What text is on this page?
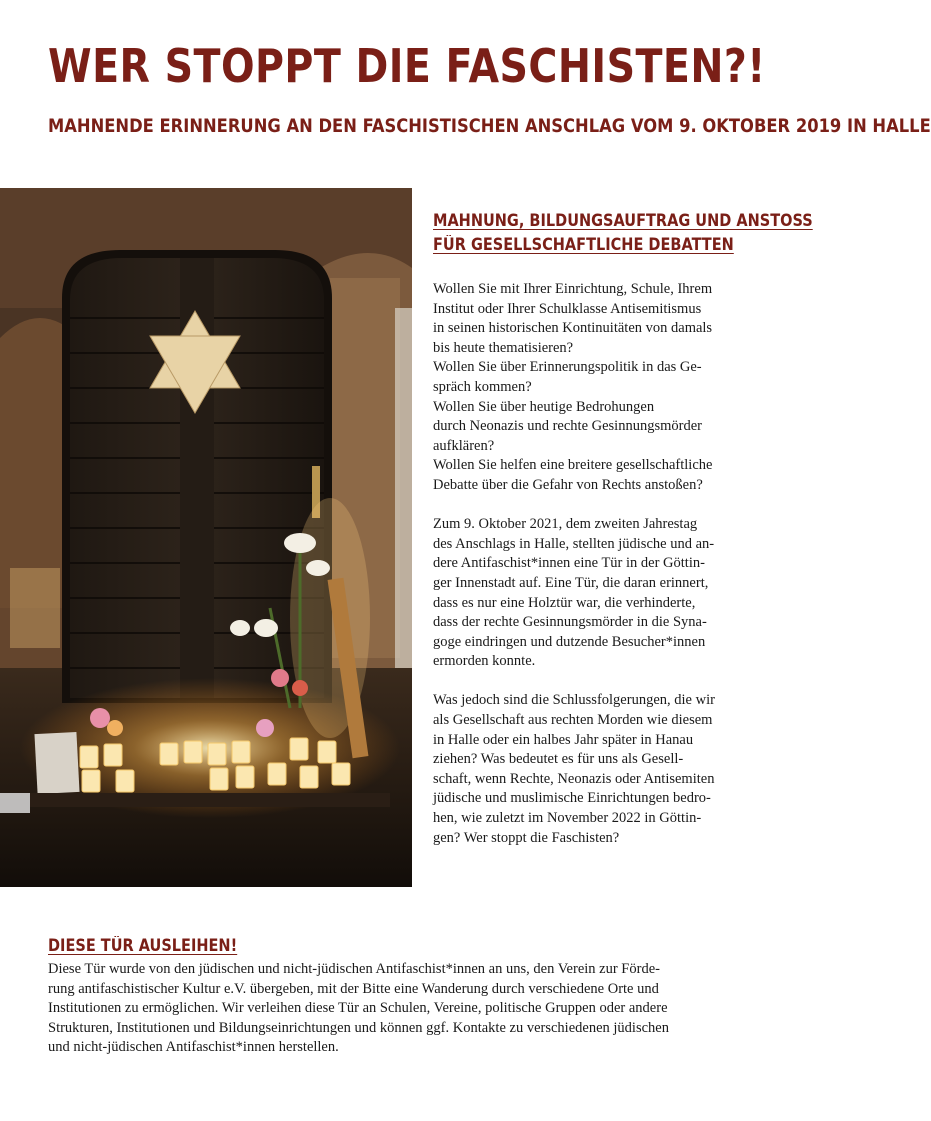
WER STOPPT DIE FASCHISTEN?!
MAHNENDE ERINNERUNG AN DEN FASCHISTISCHEN ANSCHLAG VOM 9. OKTOBER 2019 IN HALLE
MAHNUNG, BILDUNGSAUFTRAG UND ANSTOSS
FÜR GESELLSCHAFTLICHE DEBATTEN

Wollen Sie mit Ihrer Einrichtung, Schule, Ihrem
Institut oder Ihrer Schulklasse Antisemitismus
in seinen historischen Kontinuitäten von damals
bis heute thematisieren?
Wollen Sie über Erinnerungspolitik in das Ge-
spräch kommen?
Wollen Sie über heutige Bedrohungen
durch Neonazis und rechte Gesinnungsmörder
aufklären?
Wollen Sie helfen eine breitere gesellschaftliche
Debatte über die Gefahr von Rechts anstoßen?

Zum 9. Oktober 2021, dem zweiten Jahrestag
des Anschlags in Halle, stellten jüdische und an-
dere Antifaschist*innen eine Tür in der Göttin-
ger Innenstadt auf. Eine Tür, die daran erinnert,
dass es nur eine Holztür war, die verhinderte,
dass der rechte Gesinnungsmörder in die Syna-
goge eindringen und dutzende Besucher*innen
ermorden konnte.

Was jedoch sind die Schlussfolgerungen, die wir
als Gesellschaft aus rechten Morden wie diesem
in Halle oder ein halbes Jahr später in Hanau
ziehen? Was bedeutet es für uns als Gesell-
schaft, wenn Rechte, Neonazis oder Antisemiten
jüdische und muslimische Einrichtungen bedro-
hen, wie zuletzt im November 2022 in Göttin-
gen? Wer stoppt die Faschisten?

DIESE TÜR AUSLEIHEN!
Diese Tür wurde von den jüdischen und nicht-jüdischen Antifaschist*innen an uns, den Verein zur Förde-
rung antifaschistischer Kultur e.V. übergeben, mit der Bitte eine Wanderung durch verschiedene Orte und
Institutionen zu ermöglichen. Wir verleihen diese Tür an Schulen, Vereine, politische Gruppen oder andere
Strukturen, Institutionen und Bildungseinrichtungen und können ggf. Kontakte zu verschiedenen jüdischen
und nicht-jüdischen Antifaschist*innen herstellen.
